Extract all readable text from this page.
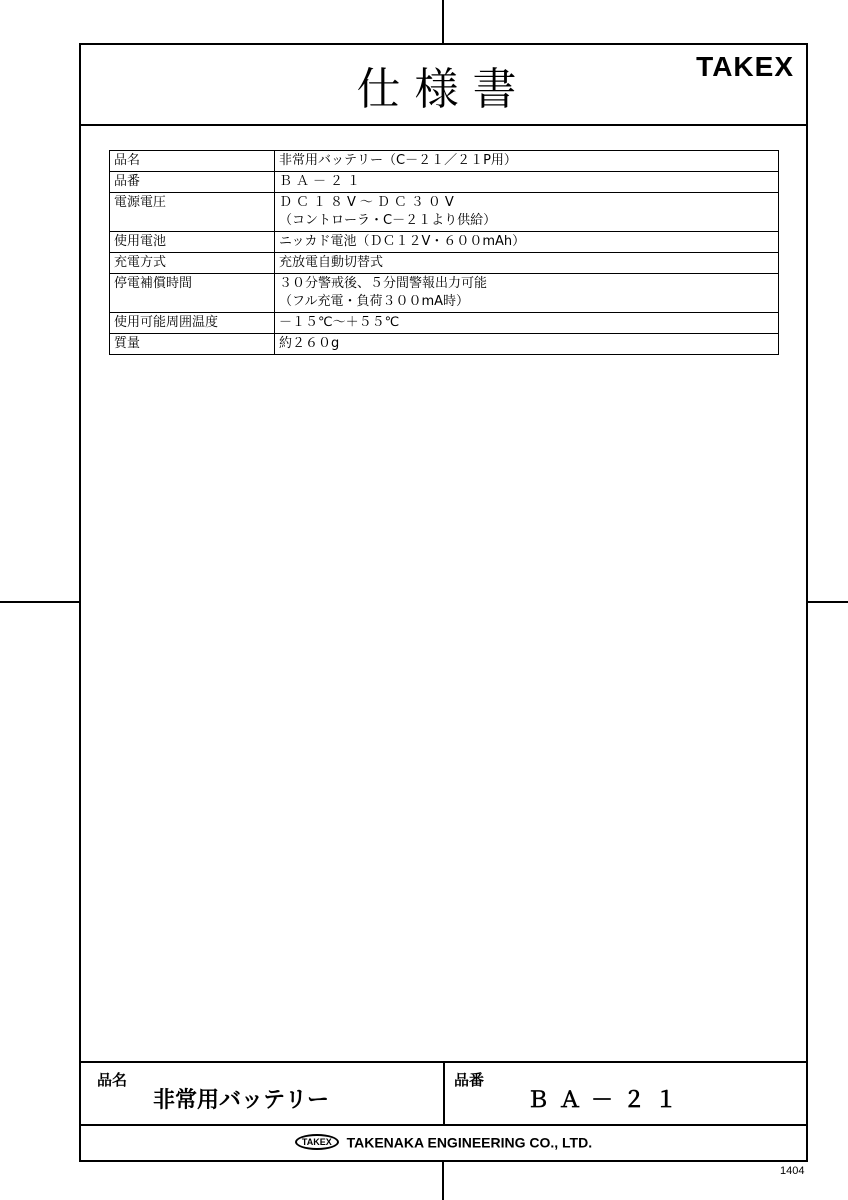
仕様書	TAKEX
品名	非常用バッテリー（C－２１／２１P用）
品番	ＢＡ－２１
電源電圧	ＤＣ１８V～ＤＣ３０V
（コントローラ・C－２１より供給）

使用電池	ニッカド電池（ＤＣ１２V・６００mAh）
充電方式	充放電自動切替式
停電補償時間	３０分警戒後、５分間警報出力可能
（フル充電・負荷３００mA時）

使用可能周囲温度	－１５℃～＋５５℃
質量	約２６０g
品名
非常用バッテリー
品番
ＢＡ－２１
TAKEX TAKENAKA ENGINEERING CO., LTD.
1404
